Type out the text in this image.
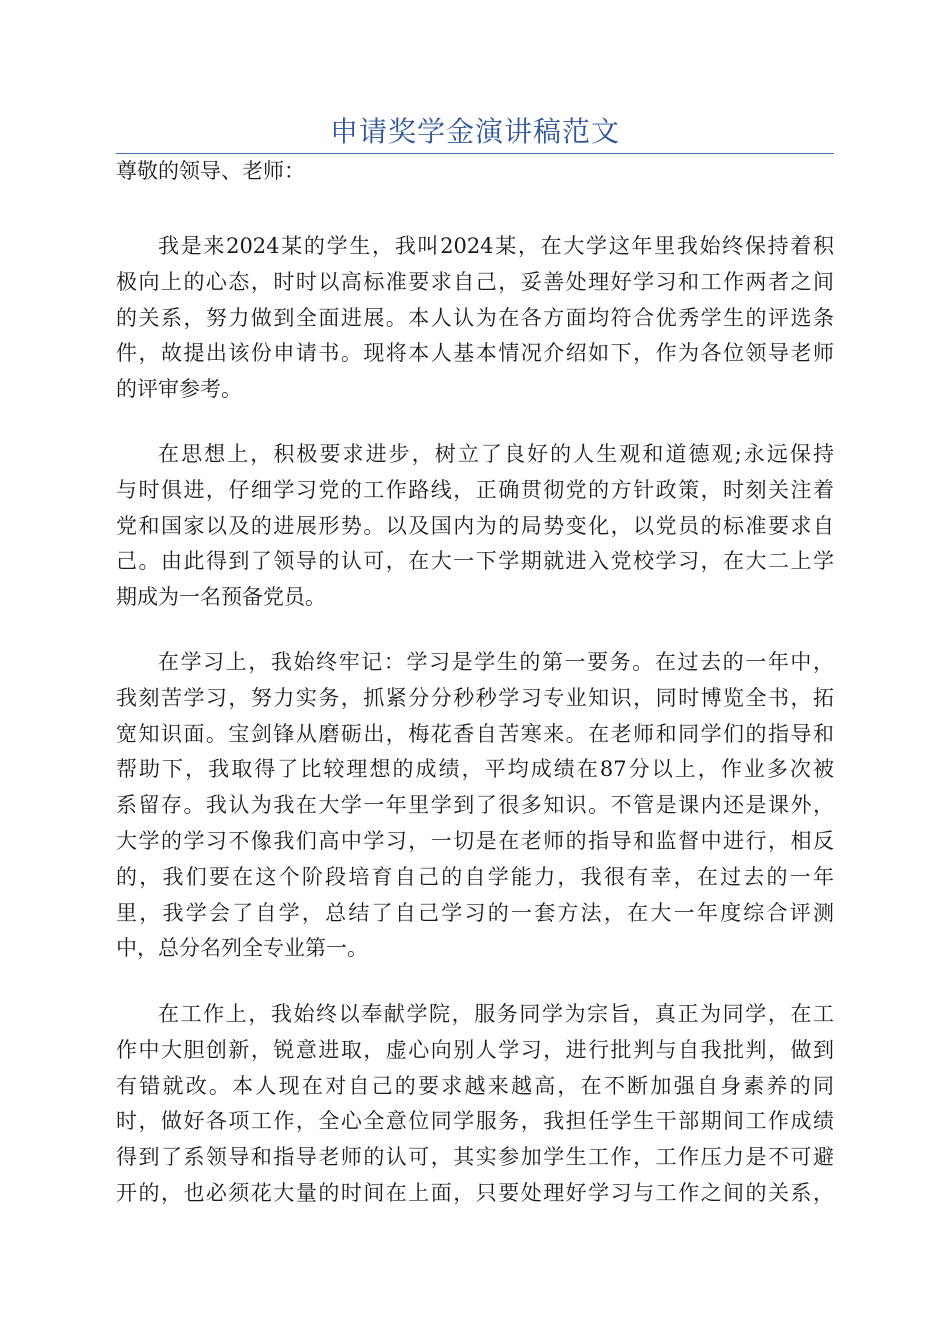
申请奖学金演讲稿范文

尊敬的领导、老师：

我是来2024某的学生，我叫2024某，在大学这年里我始终保持着积
极向上的心态，时时以高标准要求自己，妥善处理好学习和工作两者之间
的关系，努力做到全面进展。本人认为在各方面均符合优秀学生的评选条
件，故提出该份申请书。现将本人基本情况介绍如下，作为各位领导老师
的评审参考。

在思想上，积极要求进步，树立了良好的人生观和道德观;永远保持
与时俱进，仔细学习党的工作路线，正确贯彻党的方针政策，时刻关注着
党和国家以及的进展形势。以及国内为的局势变化，以党员的标准要求自
己。由此得到了领导的认可，在大一下学期就进入党校学习，在大二上学
期成为一名预备党员。

在学习上，我始终牢记：学习是学生的第一要务。在过去的一年中，
我刻苦学习，努力实务，抓紧分分秒秒学习专业知识，同时博览全书，拓
宽知识面。宝剑锋从磨砺出，梅花香自苦寒来。在老师和同学们的指导和
帮助下，我取得了比较理想的成绩，平均成绩在87分以上，作业多次被
系留存。我认为我在大学一年里学到了很多知识。不管是课内还是课外，
大学的学习不像我们高中学习，一切是在老师的指导和监督中进行，相反
的，我们要在这个阶段培育自己的自学能力，我很有幸，在过去的一年
里，我学会了自学，总结了自己学习的一套方法，在大一年度综合评测
中，总分名列全专业第一。

在工作上，我始终以奉献学院，服务同学为宗旨，真正为同学，在工
作中大胆创新，锐意进取，虚心向别人学习，进行批判与自我批判，做到
有错就改。本人现在对自己的要求越来越高，在不断加强自身素养的同
时，做好各项工作，全心全意位同学服务，我担任学生干部期间工作成绩
得到了系领导和指导老师的认可，其实参加学生工作，工作压力是不可避
开的，也必须花大量的时间在上面，只要处理好学习与工作之间的关系，
